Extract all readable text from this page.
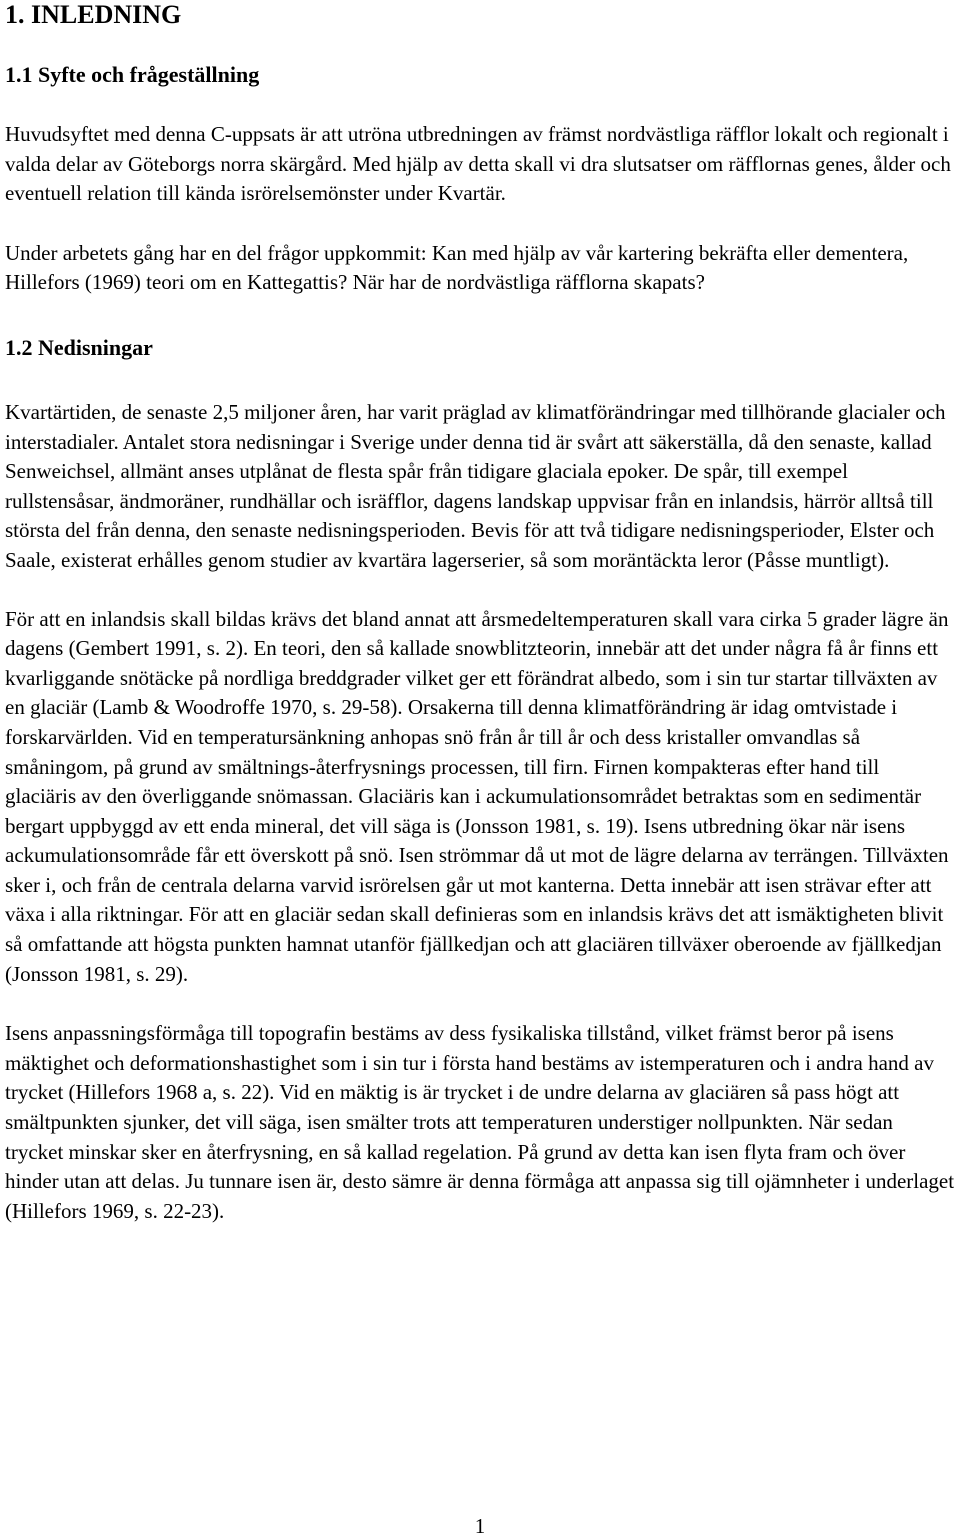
1. INLEDNING
1.1 Syfte och frågeställning

Huvudsyftet med denna C-uppsats är att utröna utbredningen av främst nordvästliga räfflor lokalt och regionalt i valda delar av Göteborgs norra skärgård. Med hjälp av detta skall vi dra slutsatser om räfflornas genes, ålder och eventuell relation till kända isrörelsemönster under Kvartär.

Under arbetets gång har en del frågor uppkommit: Kan med hjälp av vår kartering bekräfta eller dementera, Hillefors (1969) teori om en Kattegattis? När har de nordvästliga räfflorna skapats?

1.2 Nedisningar

Kvartärtiden, de senaste 2,5 miljoner åren, har varit präglad av klimatförändringar med tillhörande glacialer och interstadialer. Antalet stora nedisningar i Sverige under denna tid är svårt att säkerställa, då den senaste, kallad Senweichsel, allmänt anses utplånat de flesta spår från tidigare glaciala epoker. De spår, till exempel rullstensåsar, ändmoräner, rundhällar och isräfflor, dagens landskap uppvisar från en inlandsis, härrör alltså till största del från denna, den senaste nedisningsperioden. Bevis för att två tidigare nedisningsperioder, Elster och Saale, existerat erhålles genom studier av kvartära lagerserier, så som moräntäckta leror (Påsse muntligt).

För att en inlandsis skall bildas krävs det bland annat att årsmedeltemperaturen skall vara cirka 5 grader lägre än dagens (Gembert 1991, s. 2). En teori, den så kallade snowblitzteorin, innebär att det under några få år finns ett kvarliggande snötäcke på nordliga breddgrader vilket ger ett förändrat albedo, som i sin tur startar tillväxten av en glaciär (Lamb & Woodroffe 1970, s. 29-58). Orsakerna till denna klimatförändring är idag omtvistade i forskarvärlden. Vid en temperatursänkning anhopas snö från år till år och dess kristaller omvandlas så småningom, på grund av smältnings-återfrysnings processen, till firn. Firnen kompakteras efter hand till glaciäris av den överliggande snömassan. Glaciäris kan i ackumulationsområdet betraktas som en sedimentär bergart uppbyggd av ett enda mineral, det vill säga is (Jonsson 1981, s. 19). Isens utbredning ökar när isens ackumulationsområde får ett överskott på snö. Isen strömmar då ut mot de lägre delarna av terrängen. Tillväxten sker i, och från de centrala delarna varvid isrörelsen går ut mot kanterna. Detta innebär att isen strävar efter att växa i alla riktningar. För att en glaciär sedan skall definieras som en inlandsis krävs det att ismäktigheten blivit så omfattande att högsta punkten hamnat utanför fjällkedjan och att glaciären tillväxer oberoende av fjällkedjan (Jonsson 1981, s. 29).

Isens anpassningsförmåga till topografin bestäms av dess fysikaliska tillstånd, vilket främst beror på isens mäktighet och deformationshastighet som i sin tur i första hand bestäms av istemperaturen och i andra hand av trycket (Hillefors 1968 a, s. 22). Vid en mäktig is är trycket i de undre delarna av glaciären så pass högt att smältpunkten sjunker, det vill säga, isen smälter trots att temperaturen understiger nollpunkten. När sedan trycket minskar sker en återfrysning, en så kallad regelation. På grund av detta kan isen flyta fram och över hinder utan att delas. Ju tunnare isen är, desto sämre är denna förmåga att anpassa sig till ojämnheter i underlaget (Hillefors 1969, s. 22-23).

1
